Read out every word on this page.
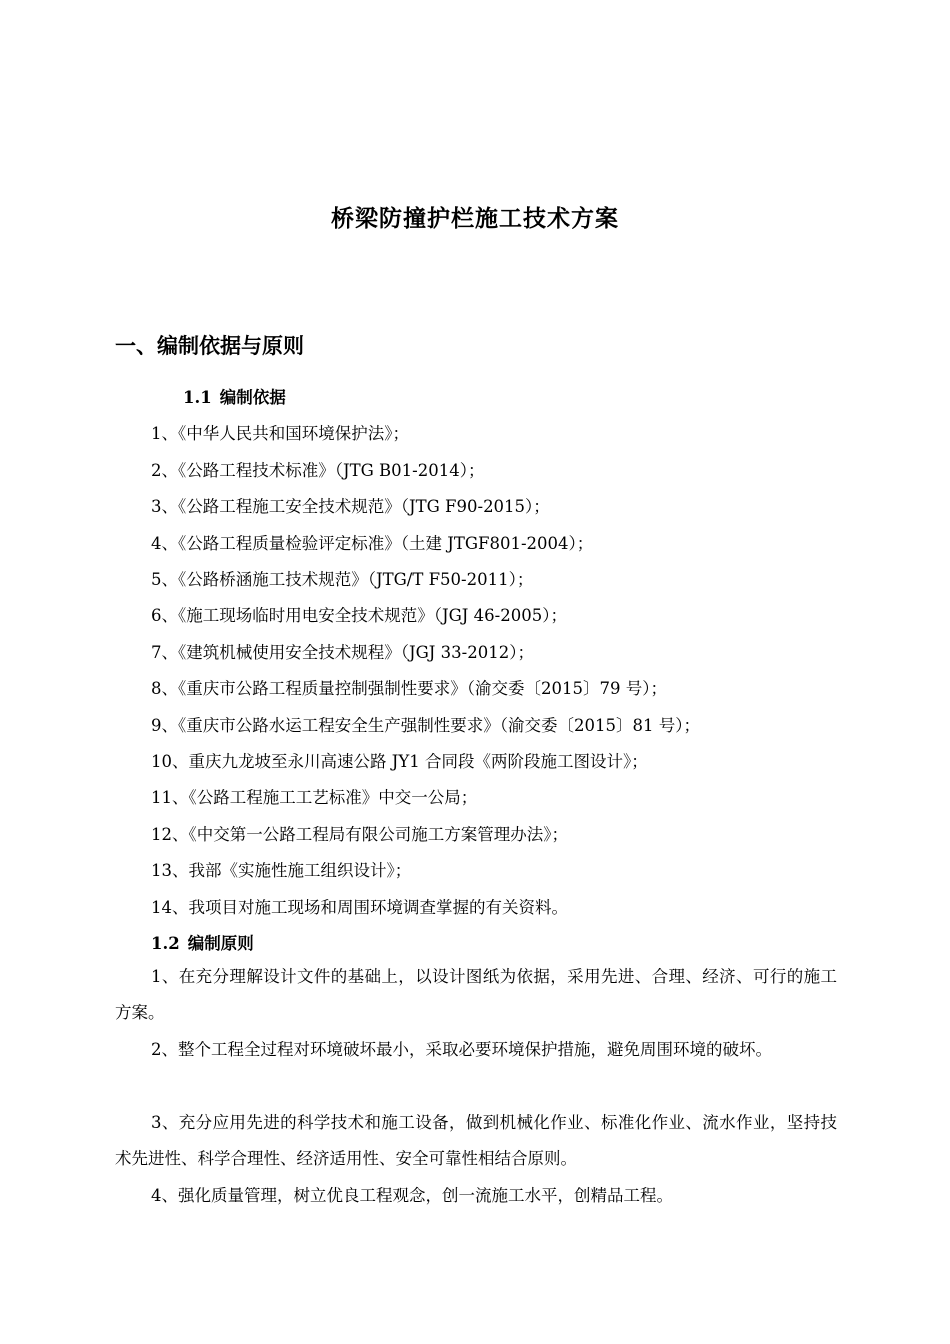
桥梁防撞护栏施工技术方案
一、编制依据与原则
1.1 编制依据
1、《中华人民共和国环境保护法》；
2、《公路工程技术标准》（JTG B01-2014）；
3、《公路工程施工安全技术规范》（JTG F90-2015）；
4、《公路工程质量检验评定标准》（土建 JTGF801-2004）；
5、《公路桥涵施工技术规范》（JTG/T F50-2011）；
6、《施工现场临时用电安全技术规范》（JGJ 46-2005）；
7、《建筑机械使用安全技术规程》（JGJ 33-2012）；
8、《重庆市公路工程质量控制强制性要求》（渝交委〔2015〕79 号）；
9、《重庆市公路水运工程安全生产强制性要求》（渝交委〔2015〕81 号）；
10、重庆九龙坡至永川高速公路 JY1 合同段《两阶段施工图设计》；
11、《公路工程施工工艺标准》中交一公局；
12、《中交第一公路工程局有限公司施工方案管理办法》；
13、我部《实施性施工组织设计》；
14、我项目对施工现场和周围环境调查掌握的有关资料。
1.2 编制原则
1、在充分理解设计文件的基础上，以设计图纸为依据，采用先进、合理、经济、可行的施工方案。
2、整个工程全过程对环境破坏最小，采取必要环境保护措施，避免周围环境的破坏。
3、充分应用先进的科学技术和施工设备，做到机械化作业、标准化作业、流水作业，坚持技术先进性、科学合理性、经济适用性、安全可靠性相结合原则。
4、强化质量管理，树立优良工程观念，创一流施工水平，创精品工程。
